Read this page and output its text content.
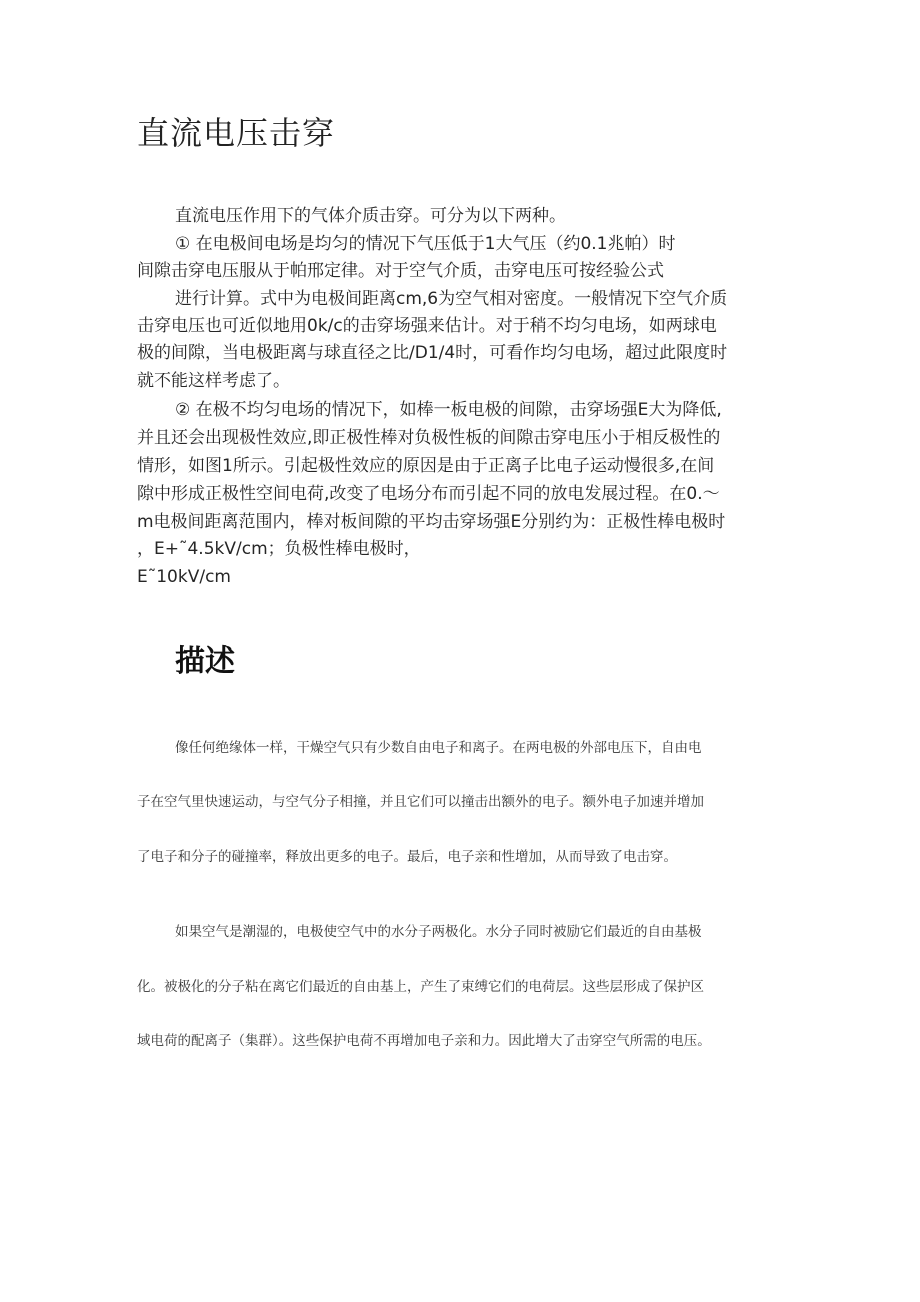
直流电压击穿
直流电压作用下的气体介质击穿。可分为以下两种。
① 在电极间电场是均匀的情况下气压低于1大气压（约0.1兆帕）时
间隙击穿电压服从于帕邢定律。对于空气介质，击穿电压可按经验公式
进行计算。式中为电极间距离cm,6为空气相对密度。一般情况下空气介质
击穿电压也可近似地用0k/c的击穿场强来估计。对于稍不均匀电场，如两球电
极的间隙，当电极距离与球直径之比/D1/4时，可看作均匀电场，超过此限度时
就不能这样考虑了。
② 在极不均匀电场的情况下，如棒一板电极的间隙，击穿场强E大为降低,
并且还会出现极性效应,即正极性棒对负极性板的间隙击穿电压小于相反极性的
情形，如图1所示。引起极性效应的原因是由于正离子比电子运动慢很多,在间
隙中形成正极性空间电荷,改变了电场分布而引起不同的放电发展过程。在0.～
m电极间距离范围内，棒对板间隙的平均击穿场强E分别约为：正极性棒电极时
，E+˜4.5kV/cm；负极性棒电极时，
E˜10kV/cm
描述
像任何绝缘体一样，干燥空气只有少数自由电子和离子。在两电极的外部电压下，自由电
子在空气里快速运动，与空气分子相撞，并且它们可以撞击出额外的电子。额外电子加速并增加
了电子和分子的碰撞率，释放出更多的电子。最后，电子亲和性增加，从而导致了电击穿。
如果空气是潮湿的，电极使空气中的水分子两极化。水分子同时被励它们最近的自由基极
化。被极化的分子粘在离它们最近的自由基上，产生了束缚它们的电荷层。这些层形成了保护区
域电荷的配离子（集群）。这些保护电荷不再增加电子亲和力。因此增大了击穿空气所需的电压。
